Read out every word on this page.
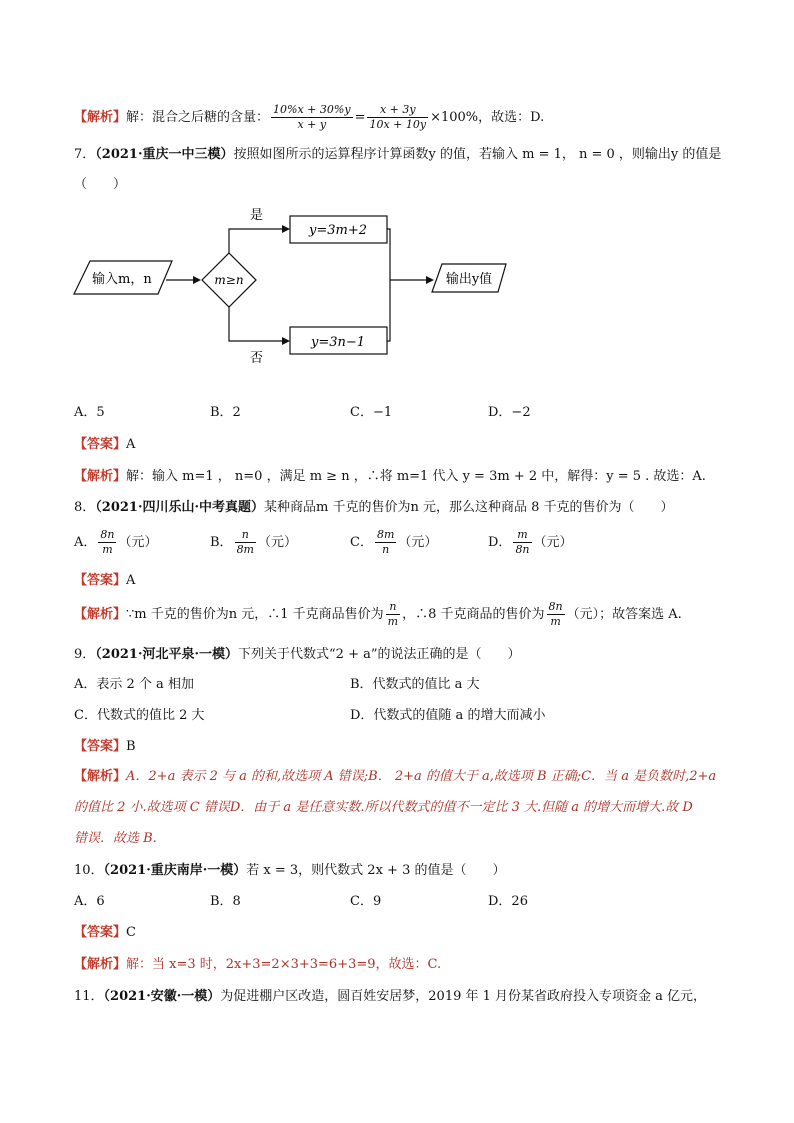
【解析】解：混合之后糖的含量： $\frac{10\%x + 30\%y}{x + y} = \frac{x + 3y}{10x + 10y} \times 100\%$，故选：D.
7．（2021·重庆一中三模）按照如图所示的运算程序计算函数y 的值，若输入 m = 1， n = 0 ，则输出y 的值是
（　　）
输入m，n	m≥n
是
否
y=3m+2
y=3n−1
输出y值
A．5	B．2	C．−1	D．−2
【答案】A
【解析】解：输入 m=1 ， n=0 ，满足 m ≥ n ，∴将 m=1 代入 y = 3m + 2 中，解得：y = 5 . 故选：A.
8．（2021·四川乐山·中考真题）某种商品m 千克的售价为n 元，那么这种商品 8 千克的售价为（　　）
A． $\frac{8n}{m}$ （元）	B． $\frac{n}{8m}$ （元）	C． $\frac{8m}{n}$ （元）	D． $\frac{m}{8n}$ （元）
【答案】A
【解析】∵m 千克的售价为n 元，∴1 千克商品售价为 $\frac{n}{m}$ ，∴8 千克商品的售价为 $\frac{8n}{m}$ （元）；故答案选 A.
9．（2021·河北平泉·一模）下列关于代数式“2 + a”的说法正确的是（　　）
A．表示 2 个 a 相加	B．代数式的值比 a 大
C．代数式的值比 2 大	D．代数式的值随 a 的增大而减小
【答案】B
【解析】A．2+a 表示 2 与 a 的和,故选项 A 错误;B． 2+a 的值大于 a,故选项 B 正确;C．当 a 是负数时,2+a
的值比 2 小.故选项 C 错误D．由于 a 是任意实数.所以代数式的值不一定比 3 大.但随 a 的增大而增大.故 D
错误．故选 B.
10．（2021·重庆南岸·一模）若 x = 3，则代数式 2x + 3 的值是（　　）
A．6	B．8	C．9	D．26
【答案】C
【解析】解：当 x=3 时，2x+3=2×3+3=6+3=9，故选：C.
11．（2021·安徽·一模）为促进棚户区改造，圆百姓安居梦，2019 年 1 月份某省政府投入专项资金 a 亿元，
